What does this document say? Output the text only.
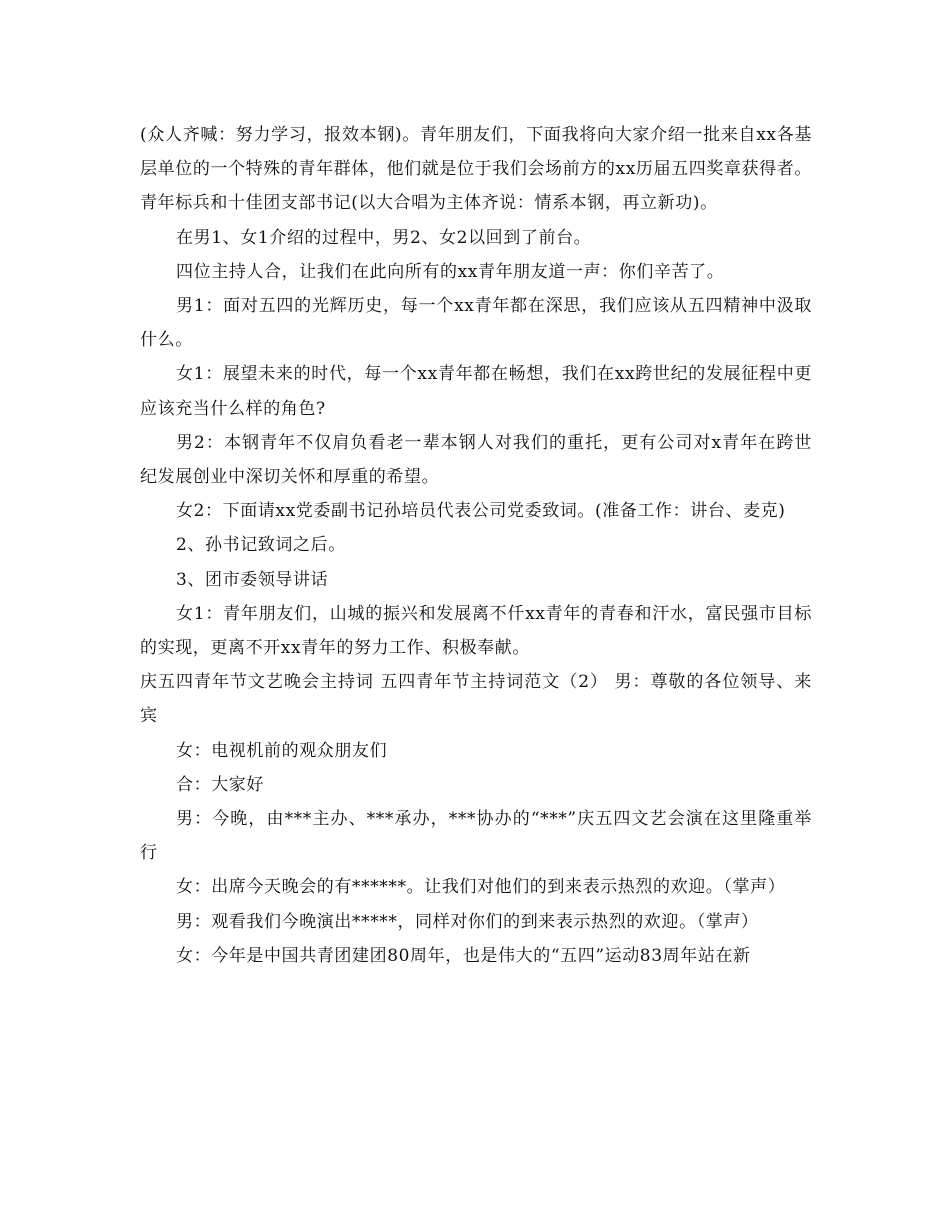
(众人齐喊：努力学习，报效本钢)。青年朋友们，下面我将向大家介绍一批来自xx各基层单位的一个特殊的青年群体，他们就是位于我们会场前方的xx历届五四奖章获得者。青年标兵和十佳团支部书记(以大合唱为主体齐说：情系本钢，再立新功)。

在男1、女1介绍的过程中，男2、女2以回到了前台。

四位主持人合，让我们在此向所有的xx青年朋友道一声：你们辛苦了。

男1：面对五四的光辉历史，每一个xx青年都在深思，我们应该从五四精神中汲取什么。

女1：展望未来的时代，每一个xx青年都在畅想，我们在xx跨世纪的发展征程中更应该充当什么样的角色?

男2：本钢青年不仅肩负看老一辈本钢人对我们的重托，更有公司对x青年在跨世纪发展创业中深切关怀和厚重的希望。

女2：下面请xx党委副书记孙培员代表公司党委致词。(准备工作：讲台、麦克)

2、孙书记致词之后。

3、团市委领导讲话

女1：青年朋友们，山城的振兴和发展离不仟xx青年的青春和汗水，富民强市目标的实现，更离不开xx青年的努力工作、积极奉献。

庆五四青年节文艺晚会主持词 五四青年节主持词范文（2） 男：尊敬的各位领导、来宾

女：电视机前的观众朋友们

合：大家好

男：今晚，由***主办、***承办，***协办的“***”庆五四文艺会演在这里隆重举行

女：出席今天晚会的有******。让我们对他们的到来表示热烈的欢迎。（掌声）

男：观看我们今晚演出*****，同样对你们的到来表示热烈的欢迎。（掌声）

女：今年是中国共青团建团80周年，也是伟大的“五四”运动83周年站在新
